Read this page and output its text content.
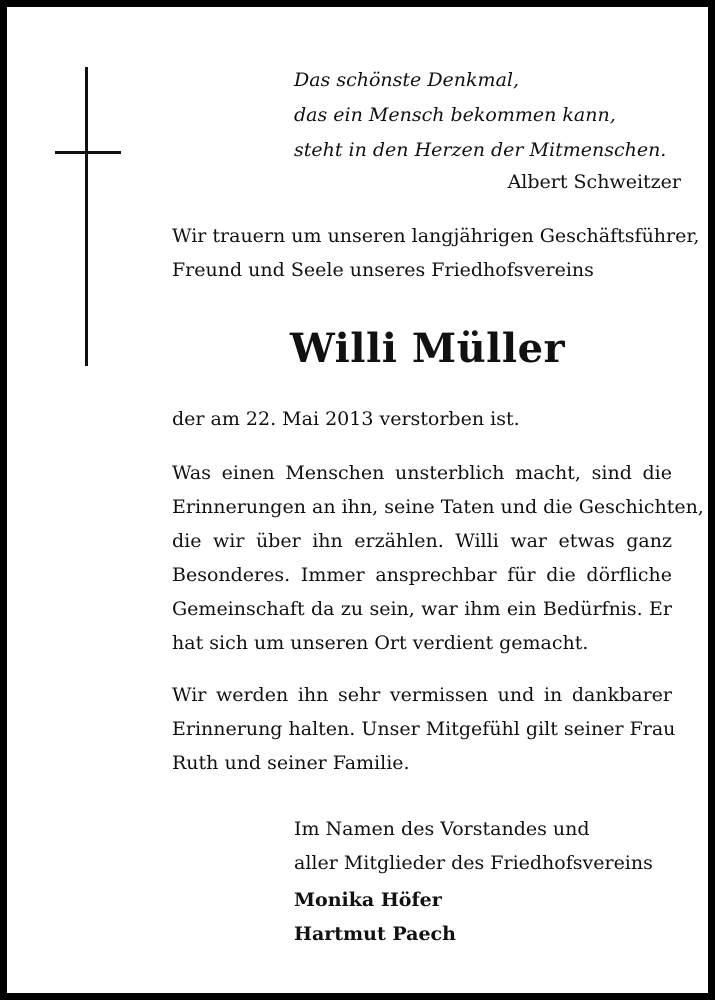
Das schönste Denkmal,
das ein Mensch bekommen kann,
steht in den Herzen der Mitmenschen.
Albert Schweitzer
Wir trauern um unseren langjährigen Geschäftsführer,
Freund und Seele unseres Friedhofsvereins
Willi Müller
der am 22. Mai 2013 verstorben ist.
Was einen Menschen unsterblich macht, sind die
Erinnerungen an ihn, seine Taten und die Geschichten,
die wir über ihn erzählen. Willi war etwas ganz
Besonderes. Immer ansprechbar für die dörfliche
Gemeinschaft da zu sein, war ihm ein Bedürfnis. Er
hat sich um unseren Ort verdient gemacht.
Wir werden ihn sehr vermissen und in dankbarer
Erinnerung halten. Unser Mitgefühl gilt seiner Frau
Ruth und seiner Familie.
Im Namen des Vorstandes und
aller Mitglieder des Friedhofsvereins
Monika Höfer
Hartmut Paech
